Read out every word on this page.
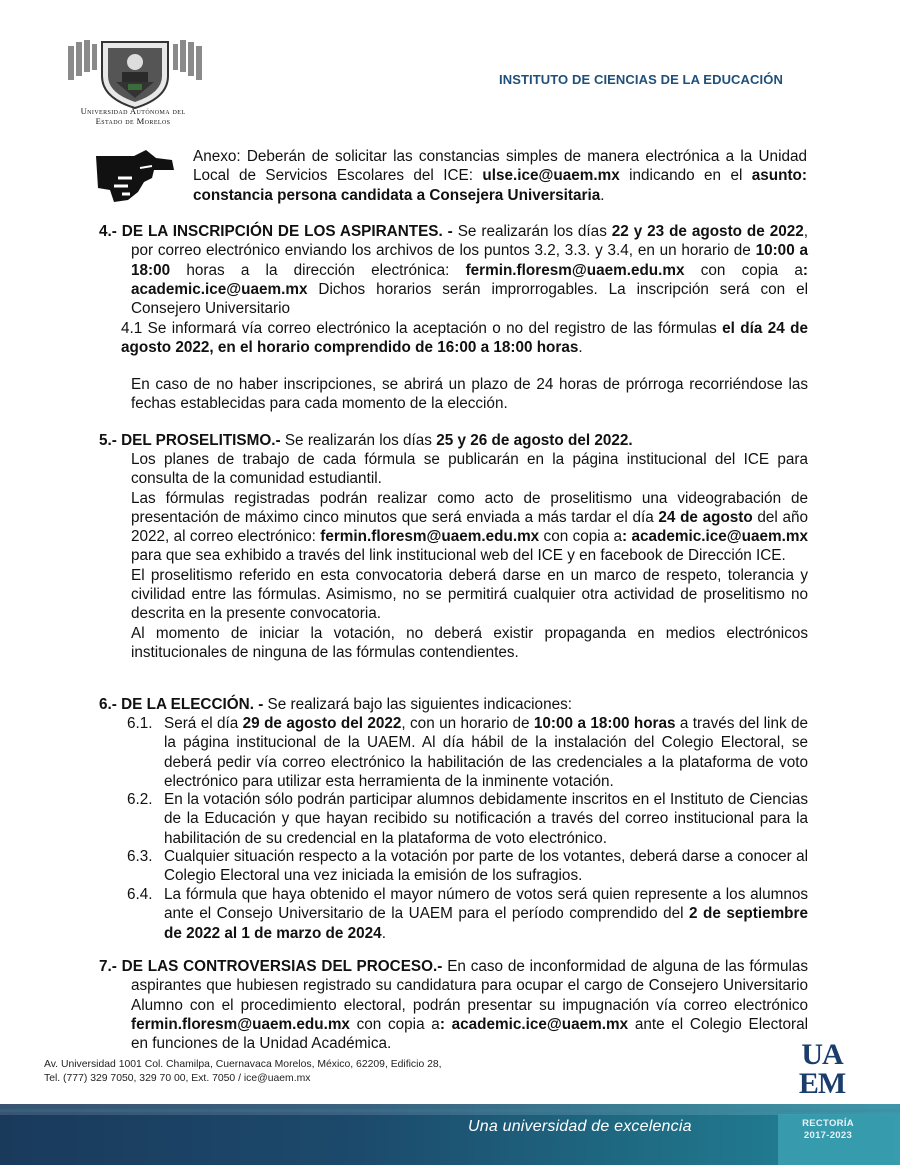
Universidad Autónoma del
Estado de Morelos
INSTITUTO DE CIENCIAS DE LA EDUCACIÓN

Anexo: Deberán de solicitar las constancias simples de manera electrónica a la Unidad Local de Servicios Escolares del ICE: ulse.ice@uaem.mx indicando en el asunto: constancia persona candidata a Consejera Universitaria.

4.- DE LA INSCRIPCIÓN DE LOS ASPIRANTES. - Se realizarán los días 22 y 23 de agosto de 2022, por correo electrónico enviando los archivos de los puntos 3.2, 3.3. y 3.4, en un horario de 10:00 a 18:00 horas a la dirección electrónica: fermin.floresm@uaem.edu.mx con copia a: academic.ice@uaem.mx Dichos horarios serán improrrogables. La inscripción será con el Consejero Universitario

4.1 Se informará vía correo electrónico la aceptación o no del registro de las fórmulas el día 24 de agosto 2022, en el horario comprendido de 16:00 a 18:00 horas.

En caso de no haber inscripciones, se abrirá un plazo de 24 horas de prórroga recorriéndose las fechas establecidas para cada momento de la elección.

5.- DEL PROSELITISMO.- Se realizarán los días 25 y 26 de agosto del 2022.

Los planes de trabajo de cada fórmula se publicarán en la página institucional del ICE para consulta de la comunidad estudiantil.

Las fórmulas registradas podrán realizar como acto de proselitismo una videograbación de presentación de máximo cinco minutos que será enviada a más tardar el día 24 de agosto del año 2022, al correo electrónico: fermin.floresm@uaem.edu.mx con copia a: academic.ice@uaem.mx para que sea exhibido a través del link institucional web del ICE y en facebook de Dirección ICE.

El proselitismo referido en esta convocatoria deberá darse en un marco de respeto, tolerancia y civilidad entre las fórmulas. Asimismo, no se permitirá cualquier otra actividad de proselitismo no descrita en la presente convocatoria.

Al momento de iniciar la votación, no deberá existir propaganda en medios electrónicos institucionales de ninguna de las fórmulas contendientes.

6.- DE LA ELECCIÓN. - Se realizará bajo las siguientes indicaciones:

6.1. Será el día 29 de agosto del 2022, con un horario de 10:00 a 18:00 horas a través del link de la página institucional de la UAEM. Al día hábil de la instalación del Colegio Electoral, se deberá pedir vía correo electrónico la habilitación de las credenciales a la plataforma de voto electrónico para utilizar esta herramienta de la inminente votación.

6.2. En la votación sólo podrán participar alumnos debidamente inscritos en el Instituto de Ciencias de la Educación y que hayan recibido su notificación a través del correo institucional para la habilitación de su credencial en la plataforma de voto electrónico.

6.3. Cualquier situación respecto a la votación por parte de los votantes, deberá darse a conocer al Colegio Electoral una vez iniciada la emisión de los sufragios.

6.4. La fórmula que haya obtenido el mayor número de votos será quien represente a los alumnos ante el Consejo Universitario de la UAEM para el período comprendido del 2 de septiembre de 2022 al 1 de marzo de 2024.

7.- DE LAS CONTROVERSIAS DEL PROCESO.- En caso de inconformidad de alguna de las fórmulas aspirantes que hubiesen registrado su candidatura para ocupar el cargo de Consejero Universitario Alumno con el procedimiento electoral, podrán presentar su impugnación vía correo electrónico fermin.floresm@uaem.edu.mx con copia a: academic.ice@uaem.mx ante el Colegio Electoral en funciones de la Unidad Académica.

Av. Universidad 1001 Col. Chamilpa, Cuernavaca Morelos, México, 62209, Edificio 28,
Tel. (777) 329 7050, 329 70 00, Ext. 7050 / ice@uaem.mx
UA
EM
Una universidad de excelencia	RECTORÍA
2017-2023
